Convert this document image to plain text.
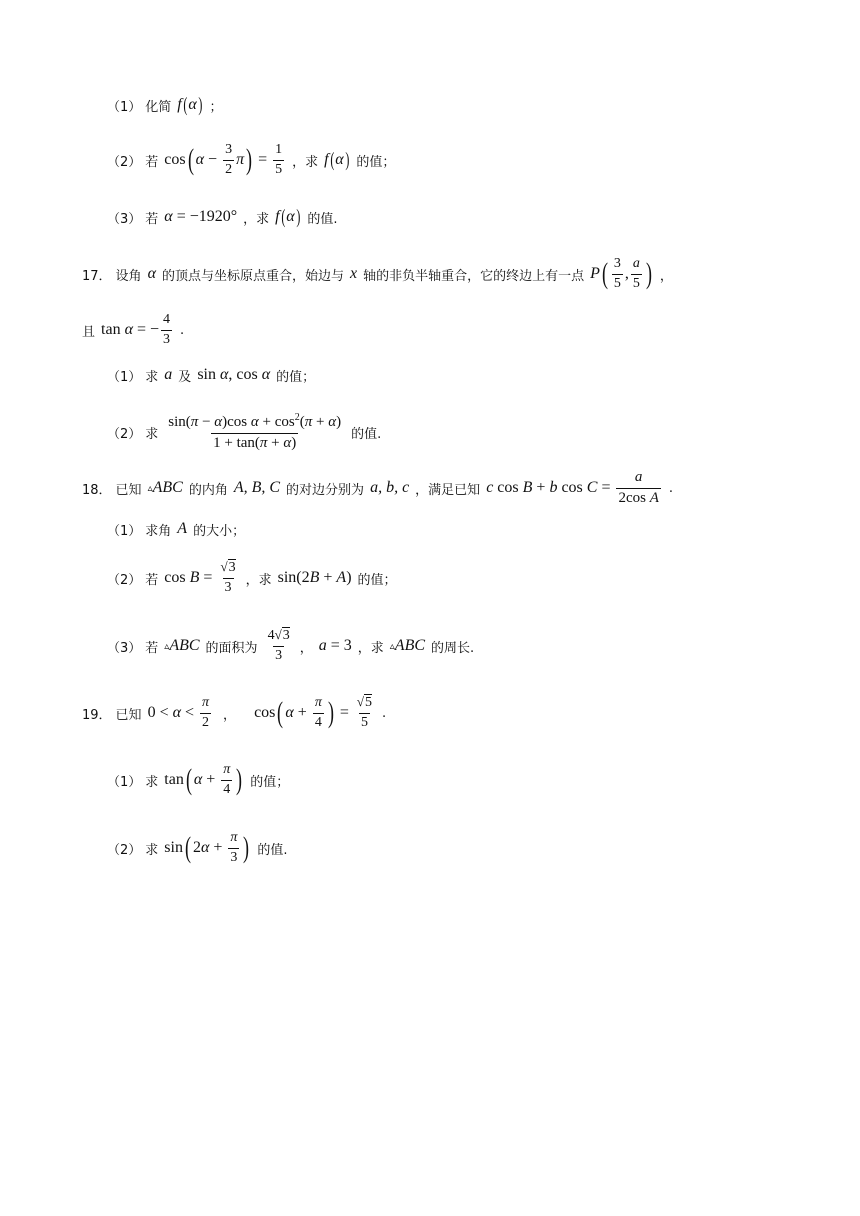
（1） 化简 f ( α ) ；
（2） 若 cos ( $\alpha - \frac{3}{2}$ π ) = $\frac{1}{5}$ ，求 f ( α ) 的值；
（3） 若 α = −1920° ，求 f ( α ) 的值.
17． 设角 α 的顶点与坐标原点重合，始边与 x 轴的非负半轴重合，它的终边上有一点 P ( $\frac{3}{5}$ , $\frac{a}{5}$ ) ，
且 tan α = − $\frac{4}{3}$ .
（1） 求 a 及 sin α , cos α 的值；
（2） 求 $\frac{\sin(\pi - \alpha)\cos \alpha + \cos^2(\pi + \alpha)}{1 + \tan(\pi + \alpha)}$ 的值.
18． 已知 ▵ ABC 的内角 A, B, C 的对边分别为 a, b, c ，满足已知 c cos B + b $\cos C = \frac{a}{\text{2cos A}}$ .
（1） 求角 A 的大小；
（2） 若 $\cos B = \frac{√3}{3}$ ，求 sin(2 B + A ) 的值；
（3） 若 ▵ ABC 的面积为 $\frac{4√3}{3}$ ， a = 3 ，求 ▵ ABC 的周长.
19． 已知 $0 < \alpha < \frac{\pi}{2}$ ， cos ( $\alpha + \frac{\pi}{4}$ ) = $\frac{√5}{5}$ .
（1） 求 tan ( $\alpha + \frac{\pi}{4}$ ) 的值；
（2） 求 sin ( 2 $\alpha + \frac{\pi}{3}$ ) 的值.
